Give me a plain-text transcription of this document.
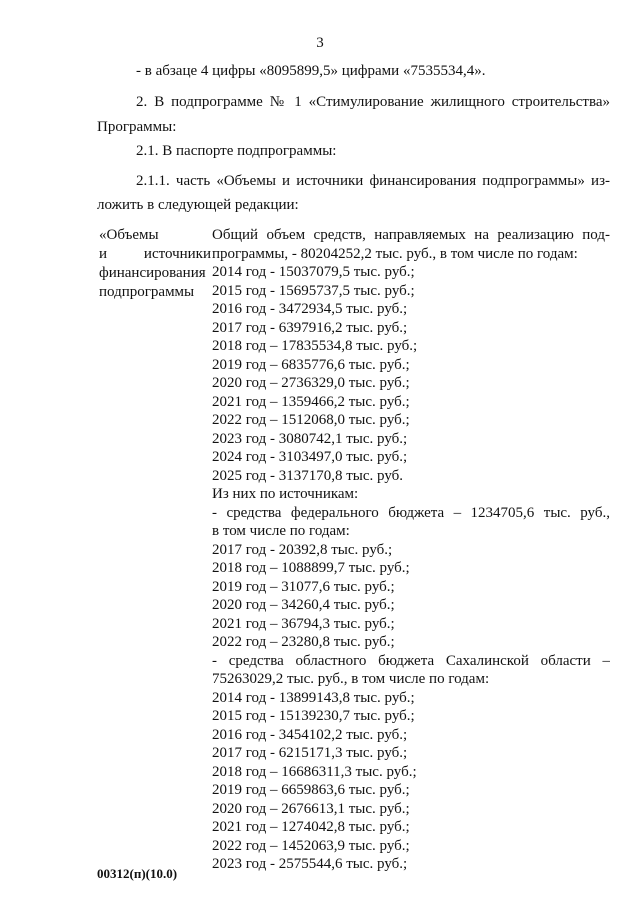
3
- в абзаце 4 цифры «8095899,5» цифрами «7535534,4».
2. В подпрограмме № 1 «Стимулирование жилищного строительства»
Программы:
2.1. В паспорте подпрограммы:
2.1.1. часть «Объемы и источники финансирования подпрограммы» из-
ложить в следующей редакции:
«Объемы
и источники
финансирования
подпрограммы
Общий объем средств, направляемых на реализацию под-
программы, - 80204252,2 тыс. руб., в том числе по годам:
2014 год - 15037079,5 тыс. руб.;
2015 год - 15695737,5 тыс. руб.;
2016 год - 3472934,5 тыс. руб.;
2017 год - 6397916,2 тыс. руб.;
2018 год – 17835534,8 тыс. руб.;
2019 год – 6835776,6 тыс. руб.;
2020 год – 2736329,0 тыс. руб.;
2021 год – 1359466,2 тыс. руб.;
2022 год – 1512068,0 тыс. руб.;
2023 год - 3080742,1 тыс. руб.;
2024 год - 3103497,0 тыс. руб.;
2025 год - 3137170,8 тыс. руб.
Из них по источникам:
- средства федерального бюджета – 1234705,6 тыс. руб.,
в том числе по годам:
2017 год - 20392,8 тыс. руб.;
2018 год – 1088899,7 тыс. руб.;
2019 год – 31077,6 тыс. руб.;
2020 год – 34260,4 тыс. руб.;
2021 год – 36794,3 тыс. руб.;
2022 год – 23280,8 тыс. руб.;
- средства областного бюджета Сахалинской области –
75263029,2 тыс. руб., в том числе по годам:
2014 год - 13899143,8 тыс. руб.;
2015 год - 15139230,7 тыс. руб.;
2016 год - 3454102,2 тыс. руб.;
2017 год - 6215171,3 тыс. руб.;
2018 год – 16686311,3 тыс. руб.;
2019 год – 6659863,6 тыс. руб.;
2020 год – 2676613,1 тыс. руб.;
2021 год – 1274042,8 тыс. руб.;
2022 год – 1452063,9 тыс. руб.;
2023 год - 2575544,6 тыс. руб.;
00312(п)(10.0)
